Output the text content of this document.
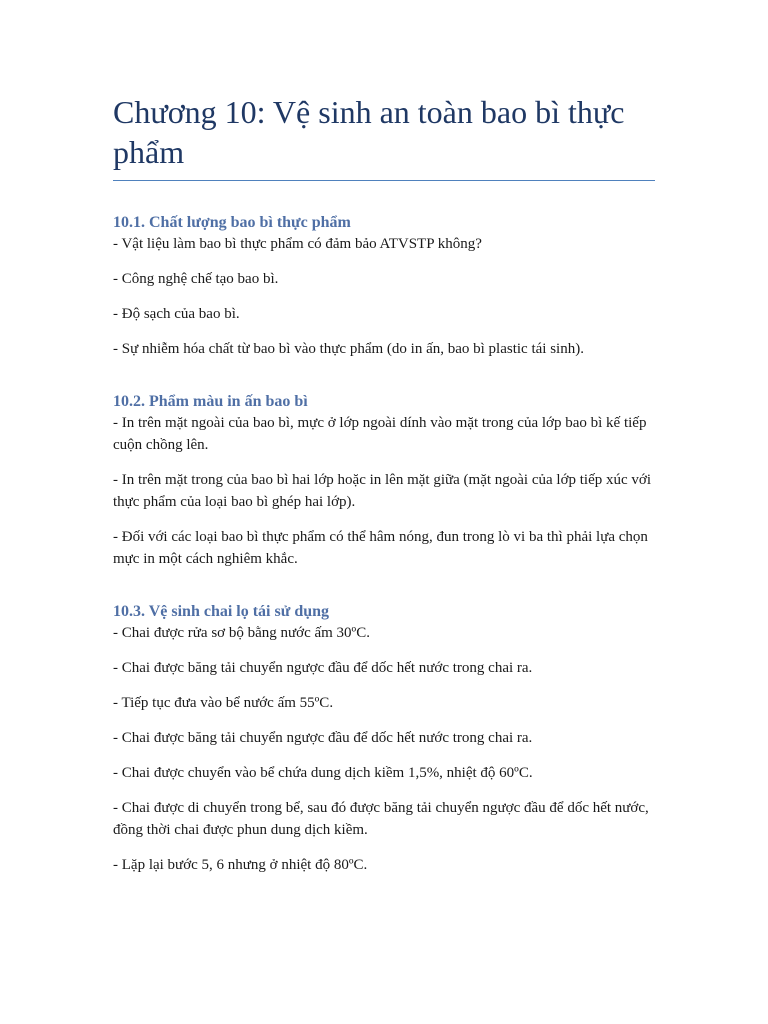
Chương 10: Vệ sinh an toàn bao bì thực phẩm
10.1. Chất lượng bao bì thực phẩm

- Vật liệu làm bao bì thực phẩm có đảm bảo ATVSTP không?

- Công nghệ chế tạo bao bì.

- Độ sạch của bao bì.

- Sự nhiễm hóa chất từ bao bì vào thực phẩm (do in ấn, bao bì plastic tái sinh).

10.2. Phẩm màu in ấn bao bì

- In trên mặt ngoài của bao bì, mực ở lớp ngoài dính vào mặt trong của lớp bao bì kế tiếp cuộn chồng lên.

- In trên mặt trong của bao bì hai lớp hoặc in lên mặt giữa (mặt ngoài của lớp tiếp xúc với thực phẩm của loại bao bì ghép hai lớp).

- Đối với các loại bao bì thực phẩm có thể hâm nóng, đun trong lò vi ba thì phải lựa chọn mực in một cách nghiêm khắc.

10.3. Vệ sinh chai lọ tái sử dụng

- Chai được rửa sơ bộ bằng nước ấm 30ºC.

- Chai được băng tải chuyển ngược đầu để dốc hết nước trong chai ra.

- Tiếp tục đưa vào bể nước ấm 55ºC.

- Chai được băng tải chuyển ngược đầu để dốc hết nước trong chai ra.

- Chai được chuyển vào bể chứa dung dịch kiềm 1,5%, nhiệt độ 60ºC.

- Chai được di chuyển trong bể, sau đó được băng tải chuyển ngược đầu để dốc hết nước, đồng thời chai được phun dung dịch kiềm.

- Lặp lại bước 5, 6 nhưng ở nhiệt độ 80ºC.
